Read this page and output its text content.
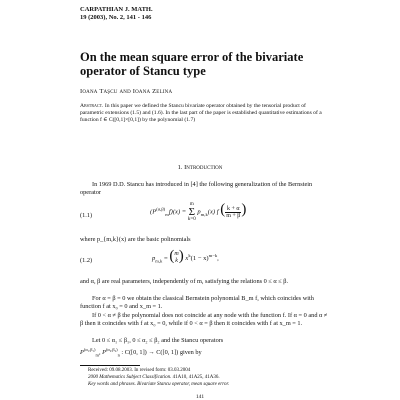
CARPATHIAN J. MATH.
19 (2003), No. 2, 141 - 146
On the mean square error of the bivariate operator of Stancu type
Ioana Taşcu and Ioana Zelina
Abstract. In this paper we defined the Stancu bivariate operator obtained by the tensorial product of parametric extensions (1.5) and (1.6). In the last part of the paper is established quantitative estimations of a function f ∈ C([0,1]×[0,1]) by the polynomial (1.7)
1. Introduction
In 1969 D.D. Stancu has introduced in [4] the following generalization of the Bernstein operator
(1.1)	$(P^{(\alpha,\beta)}_mf)(x) = m$
Σ
k=0 $p_{m,k}(x)$ f ( $\frac{k + \alpha}{m + \beta}$ )
where p_{m,k}(x) are the basic polinomials
(1.2)	$p_{m,k}$ = ( m
k ) $x^k(1 - x)^{m-k}$,
and α, β are real parameters, independently of m, satisfying the relations 0 ≤ α ≤ β.
For α = β = 0 we obtain the classical Bernstein polynomial B_m f, which coincides with function f at x₀ = 0 and x_m = 1.
If 0 < α ≠ β the polynomial does not coincide at any node with the function f. If α = 0 and α ≠ β then it coincides with f at x₀ = 0, while if 0 < α = β then it coincides with f at x_m = 1.
Let 0 ≤ α₁ ≤ β₁, 0 ≤ α₂ ≤ β₂ and the Stancu operators
$P^{(\alpha_1,\beta_1)}_m$, $P^{(\alpha_2,\beta_2)}_n$ : C([0, 1]) → C([0, 1]) given by
Received: 09.08.2003. In revised form: 03.03.2004
2000 Mathematics Subject Classification. 41A10, 41A25, 41A36.
Key words and phrases. Bivariate Stancu operator, mean square error.
141
